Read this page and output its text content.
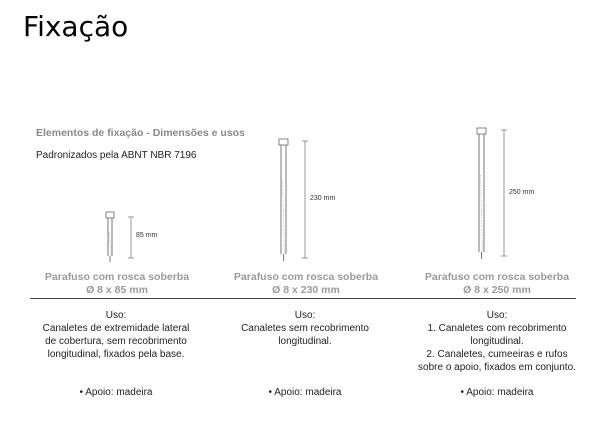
Fixação
Elementos de fixação - Dimensões e usos
Padronizados pela ABNT NBR 7196
85 mm
230 mm
250 mm
Parafuso com rosca soberba
Ø 8 x 85 mm
Parafuso com rosca soberba
Ø 8 x 230 mm
Parafuso com rosca soberba
Ø 8 x 250 mm
Uso:
Canaletes de extremidade lateral
de cobertura, sem recobrimento
longitudinal, fixados pela base.
Uso:
Canaletes sem recobrimento
longitudinal.
Uso:
1. Canaletes com recobrimento
longitudinal.
2. Canaletes, cumeeiras e rufos
sobre o apoio, fixados em conjunto.
• Apoio: madeira	• Apoio: madeira	• Apoio: madeira
